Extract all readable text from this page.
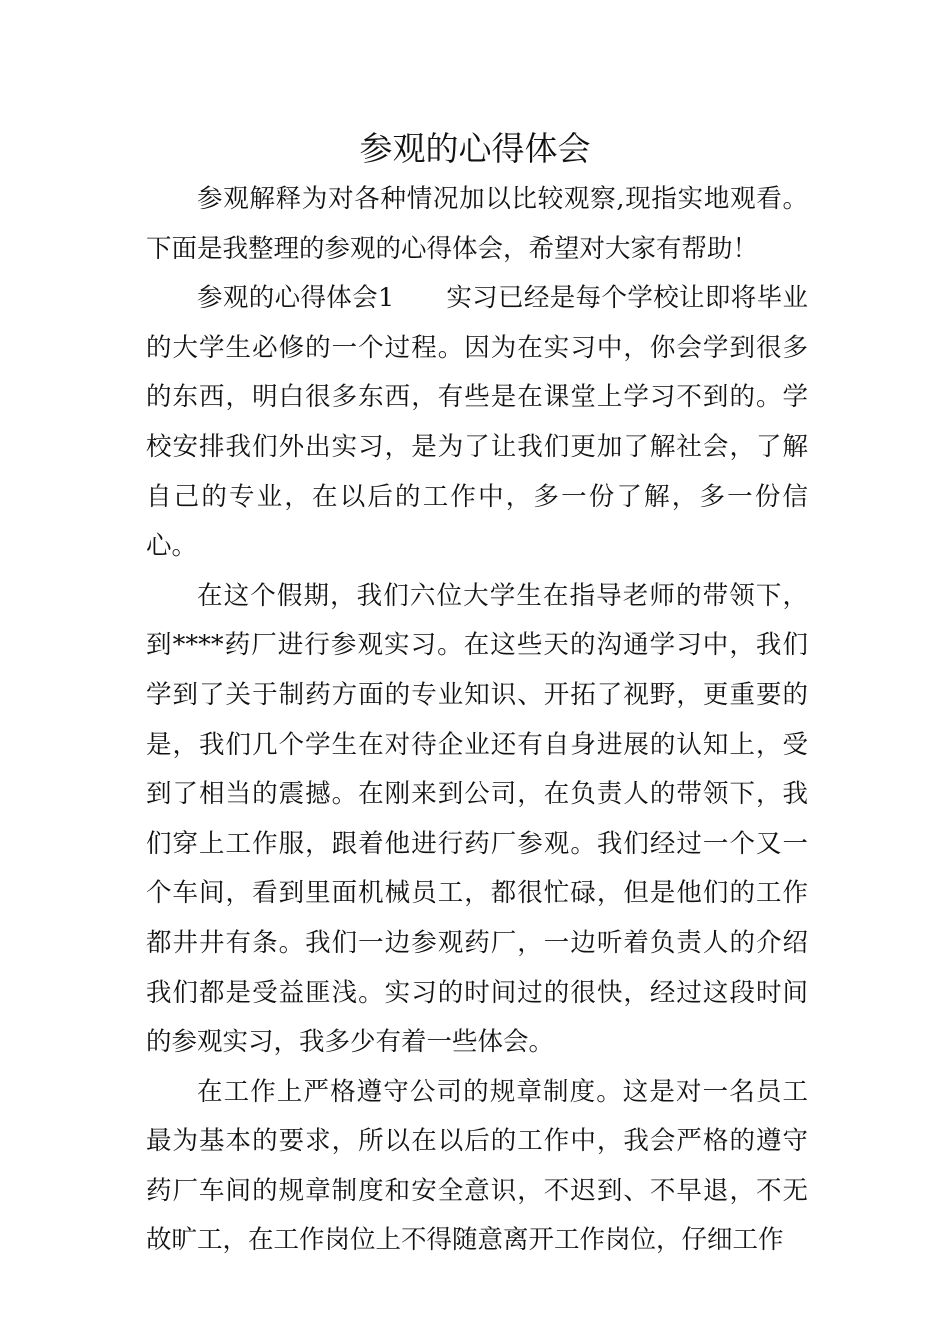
参观的心得体会

参观解释为对各种情况加以比较观察,现指实地观看。下面是我整理的参观的心得体会，希望对大家有帮助！

参观的心得体会1　　实习已经是每个学校让即将毕业的大学生必修的一个过程。因为在实习中，你会学到很多的东西，明白很多东西，有些是在课堂上学习不到的。学校安排我们外出实习，是为了让我们更加了解社会，了解自己的专业，在以后的工作中，多一份了解，多一份信心。

在这个假期，我们六位大学生在指导老师的带领下，到****药厂进行参观实习。在这些天的沟通学习中，我们学到了关于制药方面的专业知识、开拓了视野，更重要的是，我们几个学生在对待企业还有自身进展的认知上，受到了相当的震撼。在刚来到公司，在负责人的带领下，我们穿上工作服，跟着他进行药厂参观。我们经过一个又一个车间，看到里面机械员工，都很忙碌，但是他们的工作都井井有条。我们一边参观药厂，一边听着负责人的介绍我们都是受益匪浅。实习的时间过的很快，经过这段时间的参观实习，我多少有着一些体会。

在工作上严格遵守公司的规章制度。这是对一名员工最为基本的要求，所以在以后的工作中，我会严格的遵守药厂车间的规章制度和安全意识，不迟到、不早退，不无故旷工，在工作岗位上不得随意离开工作岗位，仔细工作
